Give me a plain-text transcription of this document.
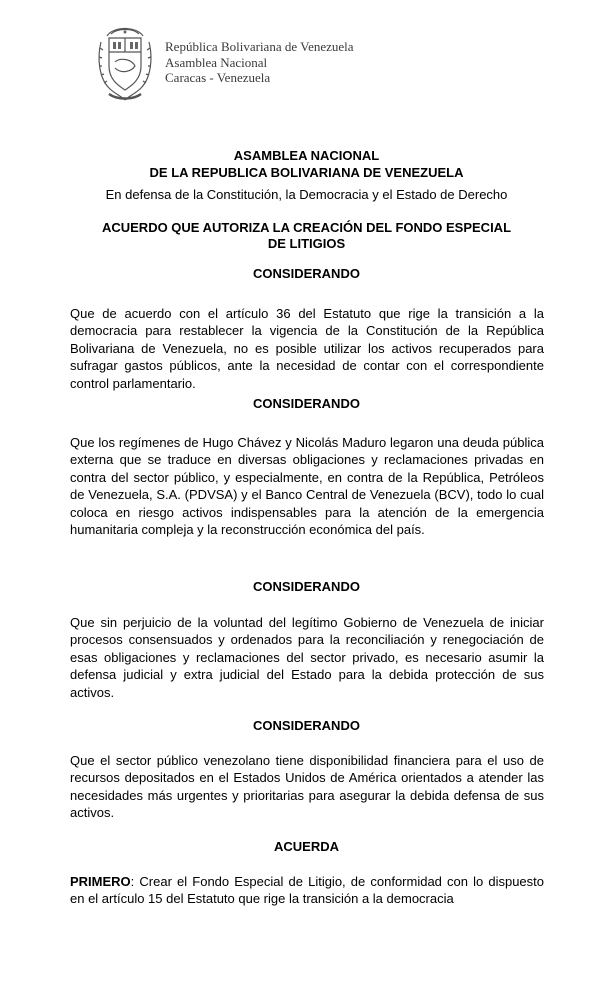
República Bolivariana de Venezuela
Asamblea Nacional
Caracas - Venezuela
ASAMBLEA NACIONAL
DE LA REPUBLICA BOLIVARIANA DE VENEZUELA
En defensa de la Constitución, la Democracia y el Estado de Derecho
ACUERDO QUE AUTORIZA LA CREACIÓN DEL FONDO ESPECIAL
DE LITIGIOS
CONSIDERANDO
Que de acuerdo con el artículo 36 del Estatuto que rige la transición a la democracia para restablecer la vigencia de la Constitución de la República Bolivariana de Venezuela, no es posible utilizar los activos recuperados para sufragar gastos públicos, ante la necesidad de contar con el correspondiente control parlamentario.
CONSIDERANDO
Que los regímenes de Hugo Chávez y Nicolás Maduro legaron una deuda pública externa que se traduce en diversas obligaciones y reclamaciones privadas en contra del sector público, y especialmente, en contra de la República, Petróleos de Venezuela, S.A. (PDVSA) y el Banco Central de Venezuela (BCV), todo lo cual coloca en riesgo activos indispensables para la atención de la emergencia humanitaria compleja y la reconstrucción económica del país.
CONSIDERANDO
Que sin perjuicio de la voluntad del legítimo Gobierno de Venezuela de iniciar procesos consensuados y ordenados para la reconciliación y renegociación de esas obligaciones y reclamaciones del sector privado, es necesario asumir la defensa judicial y extra judicial del Estado para la debida protección de sus activos.
CONSIDERANDO
Que el sector público venezolano tiene disponibilidad financiera para el uso de recursos depositados en el Estados Unidos de América orientados a atender las necesidades más urgentes y prioritarias para asegurar la debida defensa de sus activos.
ACUERDA
PRIMERO: Crear el Fondo Especial de Litigio, de conformidad con lo dispuesto en el artículo 15 del Estatuto que rige la transición a la democracia
